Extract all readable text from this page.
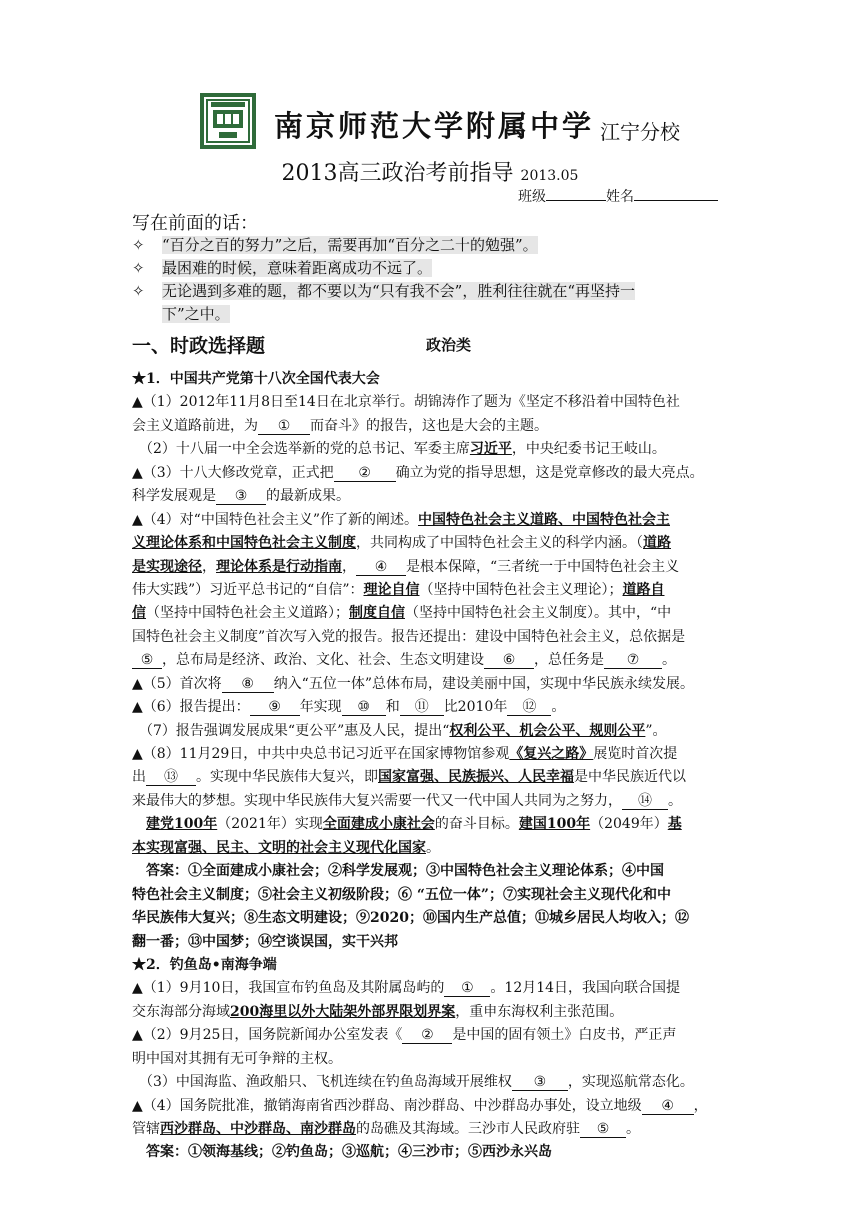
南京师范大学附属中学 江宁分校
2013高三政治考前指导 2013.05
班级	姓名
写在前面的话：
✧	“百分之百的努力”之后，需要再加“百分之二十的勉强”。
✧	最困难的时候，意味着距离成功不远了。
✧	无论遇到多难的题，都不要以为“只有我不会”，胜利往往就在“再坚持一
下”之中。
一、时政选择题	政治类
★1．中国共产党第十八次全国代表大会
▲（1）2012年11月8日至14日在北京举行。胡锦涛作了题为《坚定不移沿着中国特色社
会主义道路前进，为 ① 而奋斗》的报告，这也是大会的主题。
　（2）十八届一中全会选举新的党的总书记、军委主席习近平，中央纪委书记王岐山。
▲（3）十八大修改党章，正式把 ② 确立为党的指导思想，这是党章修改的最大亮点。
科学发展观是 ③ 的最新成果。
▲（4）对“中国特色社会主义”作了新的阐述。中国特色社会主义道路、中国特色社会主
义理论体系和中国特色社会主义制度，共同构成了中国特色社会主义的科学内涵。（道路
是实现途径，理论体系是行动指南， ④ 是根本保障，“三者统一于中国特色社会主义
伟大实践”）习近平总书记的“自信”：理论自信（坚持中国特色社会主义理论）；道路自
信（坚持中国特色社会主义道路）；制度自信（坚持中国特色社会主义制度）。其中，“中
国特色社会主义制度”首次写入党的报告。报告还提出：建设中国特色社会主义，总依据是
⑤ ，总布局是经济、政治、文化、社会、生态文明建设 ⑥ ，总任务是 ⑦ 。
▲（5）首次将 ⑧ 纳入“五位一体”总体布局，建设美丽中国，实现中华民族永续发展。
▲（6）报告提出： ⑨ 年实现 ⑩ 和 ⑪ 比2010年 ⑫ 。
　（7）报告强调发展成果“更公平”惠及人民，提出“权利公平、机会公平、规则公平”。
▲（8）11月29日，中共中央总书记习近平在国家博物馆参观《复兴之路》展览时首次提
出 ⑬ 。实现中华民族伟大复兴，即国家富强、民族振兴、人民幸福是中华民族近代以
来最伟大的梦想。实现中华民族伟大复兴需要一代又一代中国人共同为之努力， ⑭ 。
　建党100年（2021年）实现全面建成小康社会的奋斗目标。建国100年（2049年）基
本实现富强、民主、文明的社会主义现代化国家。
　答案：①全面建成小康社会；②科学发展观；③中国特色社会主义理论体系；④中国
特色社会主义制度；⑤社会主义初级阶段；⑥ “五位一体”；⑦实现社会主义现代化和中
华民族伟大复兴；⑧生态文明建设；⑨2020；⑩国内生产总值；⑪城乡居民人均收入；⑫
翻一番；⑬中国梦；⑭空谈误国，实干兴邦
★2．钓鱼岛•南海争端
▲（1）9月10日，我国宣布钓鱼岛及其附属岛屿的 ① 。12月14日，我国向联合国提
交东海部分海域200海里以外大陆架外部界限划界案，重申东海权利主张范围。
▲（2）9月25日，国务院新闻办公室发表《 ② 是中国的固有领土》白皮书，严正声
明中国对其拥有无可争辩的主权。
　（3）中国海监、渔政船只、飞机连续在钓鱼岛海域开展维权 ③ ，实现巡航常态化。
▲（4）国务院批准，撤销海南省西沙群岛、南沙群岛、中沙群岛办事处，设立地级 ④ ，
管辖西沙群岛、中沙群岛、南沙群岛的岛礁及其海域。三沙市人民政府驻 ⑤ 。
　答案：①领海基线；②钓鱼岛；③巡航；④三沙市；⑤西沙永兴岛
